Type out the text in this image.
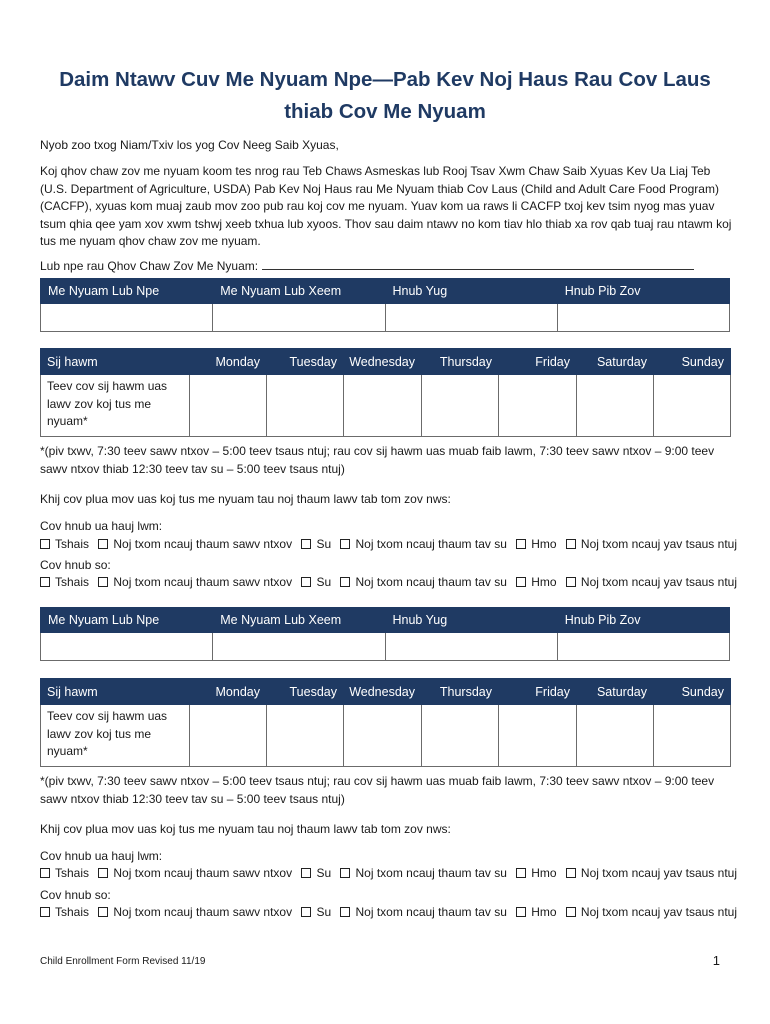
Daim Ntawv Cuv Me Nyuam Npe—Pab Kev Noj Haus Rau Cov Laus thiab Cov Me Nyuam
Nyob zoo txog Niam/Txiv los yog Cov Neeg Saib Xyuas,
Koj qhov chaw zov me nyuam koom tes nrog rau Teb Chaws Asmeskas lub Rooj Tsav Xwm Chaw Saib Xyuas Kev Ua Liaj Teb (U.S. Department of Agriculture, USDA) Pab Kev Noj Haus rau Me Nyuam thiab Cov Laus (Child and Adult Care Food Program) (CACFP), xyuas kom muaj zaub mov zoo pub rau koj cov me nyuam. Yuav kom ua raws li CACFP txoj kev tsim nyog mas yuav tsum qhia qee yam xov xwm tshwj xeeb txhua lub xyoos. Thov sau daim ntawv no kom tiav hlo thiab xa rov qab tuaj rau ntawm koj tus me nyuam qhov chaw zov me nyuam.
Lub npe rau Qhov Chaw Zov Me Nyuam:
Me Nyuam Lub Npe	Me Nyuam Lub Xeem	Hnub Yug	Hnub Pib Zov

Sij hawm	Monday	Tuesday	Wednesday	Thursday	Friday	Saturday	Sunday
Teev cov sij hawm uas lawv zov koj tus me nyuam*							
*(piv txwv, 7:30 teev sawv ntxov – 5:00 teev tsaus ntuj; rau cov sij hawm uas muab faib lawm, 7:30 teev sawv ntxov – 9:00 teev sawv ntxov thiab 12:30 teev tav su – 5:00 teev tsaus ntuj)
Khij cov plua mov uas koj tus me nyuam tau noj thaum lawv tab tom zov nws:
Cov hnub ua hauj lwm:
Tshais Noj txom ncauj thaum sawv ntxov Su Noj txom ncauj thaum tav su Hmo Noj txom ncauj yav tsaus ntuj
Cov hnub so:
Tshais Noj txom ncauj thaum sawv ntxov Su Noj txom ncauj thaum tav su Hmo Noj txom ncauj yav tsaus ntuj
Me Nyuam Lub Npe	Me Nyuam Lub Xeem	Hnub Yug	Hnub Pib Zov

Sij hawm	Monday	Tuesday	Wednesday	Thursday	Friday	Saturday	Sunday
Teev cov sij hawm uas lawv zov koj tus me nyuam*							
*(piv txwv, 7:30 teev sawv ntxov – 5:00 teev tsaus ntuj; rau cov sij hawm uas muab faib lawm, 7:30 teev sawv ntxov – 9:00 teev sawv ntxov thiab 12:30 teev tav su – 5:00 teev tsaus ntuj)
Khij cov plua mov uas koj tus me nyuam tau noj thaum lawv tab tom zov nws:
Cov hnub ua hauj lwm:
Tshais Noj txom ncauj thaum sawv ntxov Su Noj txom ncauj thaum tav su Hmo Noj txom ncauj yav tsaus ntuj
Cov hnub so:
Tshais Noj txom ncauj thaum sawv ntxov Su Noj txom ncauj thaum tav su Hmo Noj txom ncauj yav tsaus ntuj
Child Enrollment Form Revised 11/19	1
